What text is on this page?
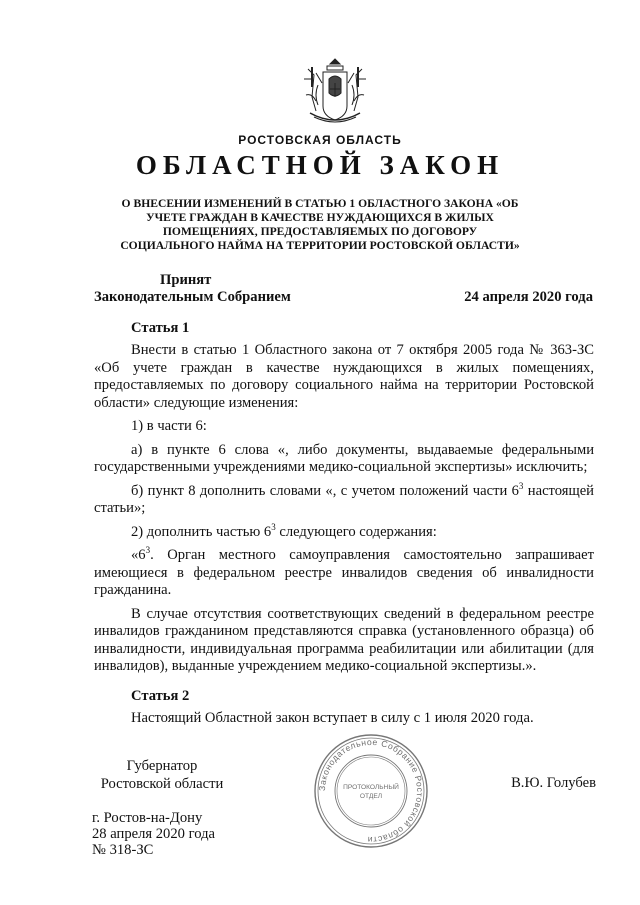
РОСТОВСКАЯ ОБЛАСТЬ
ОБЛАСТНОЙ ЗАКОН
О ВНЕСЕНИИ ИЗМЕНЕНИЙ В СТАТЬЮ 1 ОБЛАСТНОГО ЗАКОНА «ОБ УЧЕТЕ ГРАЖДАН В КАЧЕСТВЕ НУЖДАЮЩИХСЯ В ЖИЛЫХ ПОМЕЩЕНИЯХ, ПРЕДОСТАВЛЯЕМЫХ ПО ДОГОВОРУ СОЦИАЛЬНОГО НАЙМА НА ТЕРРИТОРИИ РОСТОВСКОЙ ОБЛАСТИ»
Принят
Законодательным Собранием	24 апреля 2020 года
Статья 1

Внести в статью 1 Областного закона от 7 октября 2005 года № 363-ЗС «Об учете граждан в качестве нуждающихся в жилых помещениях, предоставляемых по договору социального найма на территории Ростовской области» следующие изменения:

1) в части 6:

а) в пункте 6 слова «, либо документы, выдаваемые федеральными государственными учреждениями медико-социальной экспертизы» исключить;

б) пункт 8 дополнить словами «, с учетом положений части $6^3$ настоящей статьи»;

2) дополнить частью $6^3$ следующего содержания:

«$6^3$. Орган местного самоуправления самостоятельно запрашивает имеющиеся в федеральном реестре инвалидов сведения об инвалидности гражданина.

В случае отсутствия соответствующих сведений в федеральном реестре инвалидов гражданином представляются справка (установленного образца) об инвалидности, индивидуальная программа реабилитации или абилитации (для инвалидов), выданные учреждением медико-социальной экспертизы.».

Статья 2

Настоящий Областной закон вступает в силу с 1 июля 2020 года.

Губернатор
Ростовской области	В.Ю. Голубев
г. Ростов-на-Дону
28 апреля 2020 года
№ 318-ЗС
Законодательное Собрание Ростовской области
ПРОТОКОЛЬНЫЙ
ОТДЕЛ
